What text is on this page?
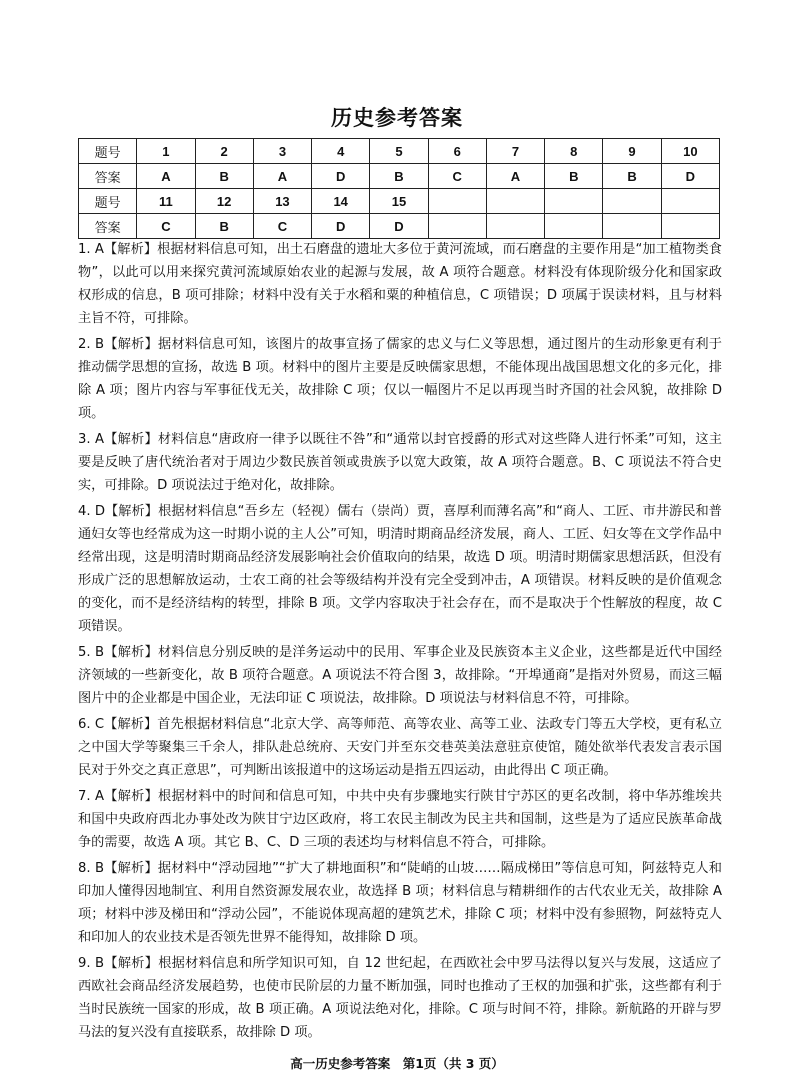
历史参考答案
题号	1	2	3	4	5	6	7	8	9	10
答案	A	B	A	D	B	C	A	B	B	D
题号	11	12	13	14	15					
答案	C	B	C	D	D					

1. A【解析】根据材料信息可知，出土石磨盘的遗址大多位于黄河流域，而石磨盘的主要作用是“加工植物类食物”，以此可以用来探究黄河流域原始农业的起源与发展，故 A 项符合题意。材料没有体现阶级分化和国家政权形成的信息，B 项可排除；材料中没有关于水稻和粟的种植信息，C 项错误；D 项属于误读材料，且与材料主旨不符，可排除。

2. B【解析】据材料信息可知，该图片的故事宣扬了儒家的忠义与仁义等思想，通过图片的生动形象更有利于推动儒学思想的宣扬，故选 B 项。材料中的图片主要是反映儒家思想，不能体现出战国思想文化的多元化，排除 A 项；图片内容与军事征伐无关，故排除 C 项；仅以一幅图片不足以再现当时齐国的社会风貌，故排除 D 项。

3. A【解析】材料信息“唐政府一律予以既往不咎”和“通常以封官授爵的形式对这些降人进行怀柔”可知，这主要是反映了唐代统治者对于周边少数民族首领或贵族予以宽大政策，故 A 项符合题意。B、C 项说法不符合史实，可排除。D 项说法过于绝对化，故排除。

4. D【解析】根据材料信息“吾乡左（轻视）儒右（崇尚）贾，喜厚利而薄名高”和“商人、工匠、市井游民和普通妇女等也经常成为这一时期小说的主人公”可知，明清时期商品经济发展，商人、工匠、妇女等在文学作品中经常出现，这是明清时期商品经济发展影响社会价值取向的结果，故选 D 项。明清时期儒家思想活跃，但没有形成广泛的思想解放运动，士农工商的社会等级结构并没有完全受到冲击，A 项错误。材料反映的是价值观念的变化，而不是经济结构的转型，排除 B 项。文学内容取决于社会存在，而不是取决于个性解放的程度，故 C 项错误。

5. B【解析】材料信息分别反映的是洋务运动中的民用、军事企业及民族资本主义企业，这些都是近代中国经济领域的一些新变化，故 B 项符合题意。A 项说法不符合图 3，故排除。“开埠通商”是指对外贸易，而这三幅图片中的企业都是中国企业，无法印证 C 项说法，故排除。D 项说法与材料信息不符，可排除。

6. C【解析】首先根据材料信息“北京大学、高等师范、高等农业、高等工业、法政专门等五大学校，更有私立之中国大学等聚集三千余人，排队赴总统府、天安门并至东交巷英美法意驻京使馆，随处欲举代表发言表示国民对于外交之真正意思”，可判断出该报道中的这场运动是指五四运动，由此得出 C 项正确。

7. A【解析】根据材料中的时间和信息可知，中共中央有步骤地实行陕甘宁苏区的更名改制，将中华苏维埃共和国中央政府西北办事处改为陕甘宁边区政府，将工农民主制改为民主共和国制，这些是为了适应民族革命战争的需要，故选 A 项。其它 B、C、D 三项的表述均与材料信息不符合，可排除。

8. B【解析】据材料中“浮动园地”“扩大了耕地面积”和“陡峭的山坡……隔成梯田”等信息可知，阿兹特克人和印加人懂得因地制宜、利用自然资源发展农业，故选择 B 项；材料信息与精耕细作的古代农业无关，故排除 A 项；材料中涉及梯田和“浮动公园”，不能说体现高超的建筑艺术，排除 C 项；材料中没有参照物，阿兹特克人和印加人的农业技术是否领先世界不能得知，故排除 D 项。

9. B【解析】根据材料信息和所学知识可知，自 12 世纪起，在西欧社会中罗马法得以复兴与发展，这适应了西欧社会商品经济发展趋势，也使市民阶层的力量不断加强，同时也推动了王权的加强和扩张，这些都有利于当时民族统一国家的形成，故 B 项正确。A 项说法绝对化，排除。C 项与时间不符，排除。新航路的开辟与罗马法的复兴没有直接联系，故排除 D 项。

高一历史参考答案　第1页（共 3 页）
